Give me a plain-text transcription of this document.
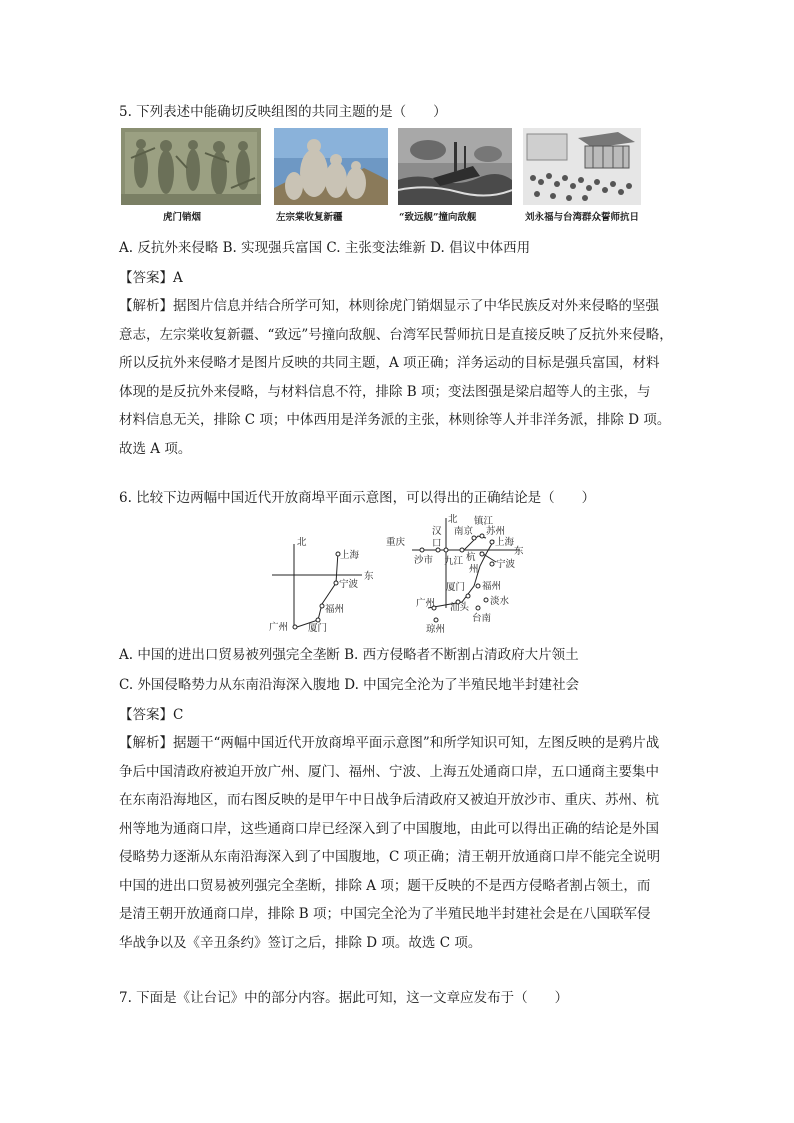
5. 下列表述中能确切反映组图的共同主题的是（　　）
虎门销烟	左宗棠收复新疆	“致远舰”撞向敌舰	刘永福与台湾群众誓师抗日
A. 反抗外来侵略 B. 实现强兵富国 C. 主张变法维新 D. 倡议中体西用
【答案】A
【解析】据图片信息并结合所学可知，林则徐虎门销烟显示了中华民族反对外来侵略的坚强
意志，左宗棠收复新疆、“致远”号撞向敌舰、台湾军民誓师抗日是直接反映了反抗外来侵略，
所以反抗外来侵略才是图片反映的共同主题，A 项正确；洋务运动的目标是强兵富国，材料
体现的是反抗外来侵略，与材料信息不符，排除 B 项；变法图强是梁启超等人的主张，与
材料信息无关，排除 C 项；中体西用是洋务派的主张，林则徐等人并非洋务派，排除 D 项。
故选 A 项。
6. 比较下边两幅中国近代开放商埠平面示意图，可以得出的正确结论是（　　）
北
东
上海
宁波
福州
广州 厦门
北
东
重庆
汉
口
镇江
南京 苏州
上海
沙市 九江 杭
州 宁波
厦门 福州
广州 汕头
淡水
台南
琼州
A. 中国的进出口贸易被列强完全垄断 B. 西方侵略者不断割占清政府大片领土
C. 外国侵略势力从东南沿海深入腹地 D. 中国完全沦为了半殖民地半封建社会
【答案】C
【解析】据题干“两幅中国近代开放商埠平面示意图”和所学知识可知，左图反映的是鸦片战
争后中国清政府被迫开放广州、厦门、福州、宁波、上海五处通商口岸，五口通商主要集中
在东南沿海地区，而右图反映的是甲午中日战争后清政府又被迫开放沙市、重庆、苏州、杭
州等地为通商口岸，这些通商口岸已经深入到了中国腹地，由此可以得出正确的结论是外国
侵略势力逐渐从东南沿海深入到了中国腹地，C 项正确；清王朝开放通商口岸不能完全说明
中国的进出口贸易被列强完全垄断，排除 A 项；题干反映的不是西方侵略者割占领土，而
是清王朝开放通商口岸，排除 B 项；中国完全沦为了半殖民地半封建社会是在八国联军侵
华战争以及《辛丑条约》签订之后，排除 D 项。故选 C 项。
7. 下面是《让台记》中的部分内容。据此可知，这一文章应发布于（　　）
